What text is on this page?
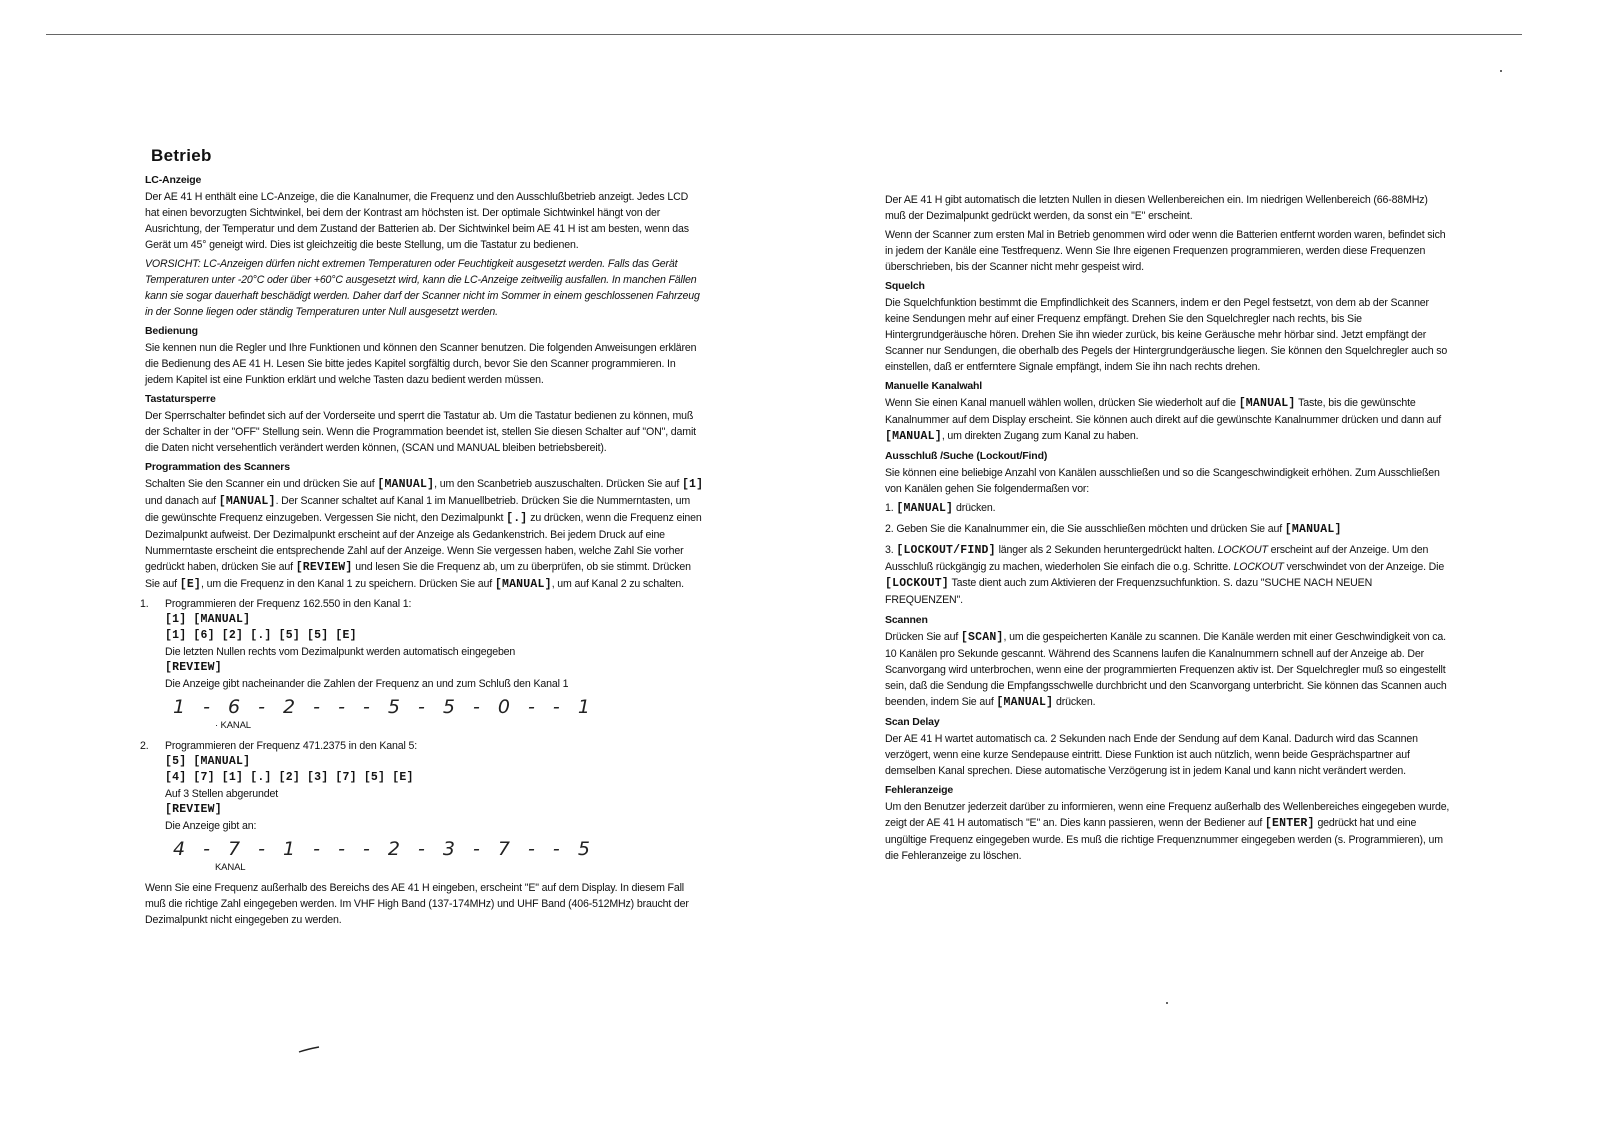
Betrieb
LC-Anzeige

Der AE 41 H enthält eine LC-Anzeige, die die Kanalnumer, die Frequenz und den Ausschlußbetrieb anzeigt. Jedes LCD hat einen bevorzugten Sichtwinkel, bei dem der Kontrast am höchsten ist. Der optimale Sichtwinkel hängt von der Ausrichtung, der Temperatur und dem Zustand der Batterien ab. Der Sichtwinkel beim AE 41 H ist am besten, wenn das Gerät um 45° geneigt wird. Dies ist gleichzeitig die beste Stellung, um die Tastatur zu bedienen.

VORSICHT: LC-Anzeigen dürfen nicht extremen Temperaturen oder Feuchtigkeit ausgesetzt werden. Falls das Gerät Temperaturen unter -20°C oder über +60°C ausgesetzt wird, kann die LC-Anzeige zeitweilig ausfallen. In manchen Fällen kann sie sogar dauerhaft beschädigt werden. Daher darf der Scanner nicht im Sommer in einem geschlossenen Fahrzeug in der Sonne liegen oder ständig Temperaturen unter Null ausgesetzt werden.

Bedienung

Sie kennen nun die Regler und Ihre Funktionen und können den Scanner benutzen. Die folgenden Anweisungen erklären die Bedienung des AE 41 H. Lesen Sie bitte jedes Kapitel sorgfältig durch, bevor Sie den Scanner programmieren. In jedem Kapitel ist eine Funktion erklärt und welche Tasten dazu bedient werden müssen.

Tastatursperre

Der Sperrschalter befindet sich auf der Vorderseite und sperrt die Tastatur ab. Um die Tastatur bedienen zu können, muß der Schalter in der "OFF" Stellung sein. Wenn die Programmation beendet ist, stellen Sie diesen Schalter auf "ON", damit die Daten nicht versehentlich verändert werden können, (SCAN und MANUAL bleiben betriebsbereit).

Programmation des Scanners

Schalten Sie den Scanner ein und drücken Sie auf [MANUAL], um den Scanbetrieb auszuschalten. Drücken Sie auf [1] und danach auf [MANUAL]. Der Scanner schaltet auf Kanal 1 im Manuellbetrieb. Drücken Sie die Nummerntasten, um die gewünschte Frequenz einzugeben. Vergessen Sie nicht, den Dezimalpunkt [.] zu drücken, wenn die Frequenz einen Dezimalpunkt aufweist. Der Dezimalpunkt erscheint auf der Anzeige als Gedankenstrich. Bei jedem Druck auf eine Nummerntaste erscheint die entsprechende Zahl auf der Anzeige. Wenn Sie vergessen haben, welche Zahl Sie vorher gedrückt haben, drücken Sie auf [REVIEW] und lesen Sie die Frequenz ab, um zu überprüfen, ob sie stimmt. Drücken Sie auf [E], um die Frequenz in den Kanal 1 zu speichern. Drücken Sie auf [MANUAL], um auf Kanal 2 zu schalten.

1. Programmieren der Frequenz 162.550 in den Kanal 1:
[1] [MANUAL]
[1] [6] [2] [.] [5] [5] [E]
Die letzten Nullen rechts vom Dezimalpunkt werden automatisch eingegeben
[REVIEW]
Die Anzeige gibt nacheinander die Zahlen der Frequenz an und zum Schluß den Kanal 1
1 - 6 - 2 - - - 5 - 5 - 0 - - 1
· KANAL
2. Programmieren der Frequenz 471.2375 in den Kanal 5:
[5] [MANUAL]
[4] [7] [1] [.] [2] [3] [7] [5] [E]
Auf 3 Stellen abgerundet
[REVIEW]
Die Anzeige gibt an:
4 - 7 - 1 - - - 2 - 3 - 7 - - 5
KANAL

Wenn Sie eine Frequenz außerhalb des Bereichs des AE 41 H eingeben, erscheint "E" auf dem Display. In diesem Fall muß die richtige Zahl eingegeben werden. Im VHF High Band (137-174MHz) und UHF Band (406-512MHz) braucht der Dezimalpunkt nicht eingegeben zu werden.

Der AE 41 H gibt automatisch die letzten Nullen in diesen Wellenbereichen ein. Im niedrigen Wellenbereich (66-88MHz) muß der Dezimalpunkt gedrückt werden, da sonst ein "E" erscheint.

Wenn der Scanner zum ersten Mal in Betrieb genommen wird oder wenn die Batterien entfernt worden waren, befindet sich in jedem der Kanäle eine Testfrequenz. Wenn Sie Ihre eigenen Frequenzen programmieren, werden diese Frequenzen überschrieben, bis der Scanner nicht mehr gespeist wird.

Squelch

Die Squelchfunktion bestimmt die Empfindlichkeit des Scanners, indem er den Pegel festsetzt, von dem ab der Scanner keine Sendungen mehr auf einer Frequenz empfängt. Drehen Sie den Squelchregler nach rechts, bis Sie Hintergrundgeräusche hören. Drehen Sie ihn wieder zurück, bis keine Geräusche mehr hörbar sind. Jetzt empfängt der Scanner nur Sendungen, die oberhalb des Pegels der Hintergrundgeräusche liegen. Sie können den Squelchregler auch so einstellen, daß er entferntere Signale empfängt, indem Sie ihn nach rechts drehen.

Manuelle Kanalwahl

Wenn Sie einen Kanal manuell wählen wollen, drücken Sie wiederholt auf die [MANUAL] Taste, bis die gewünschte Kanalnummer auf dem Display erscheint. Sie können auch direkt auf die gewünschte Kanalnummer drücken und dann auf [MANUAL], um direkten Zugang zum Kanal zu haben.

Ausschluß /Suche (Lockout/Find)

Sie können eine beliebige Anzahl von Kanälen ausschließen und so die Scangeschwindigkeit erhöhen. Zum Ausschließen von Kanälen gehen Sie folgendermaßen vor:

1. [MANUAL] drücken.
2. Geben Sie die Kanalnummer ein, die Sie ausschließen möchten und drücken Sie auf [MANUAL]
3. [LOCKOUT/FIND] länger als 2 Sekunden heruntergedrückt halten. LOCKOUT erscheint auf der Anzeige. Um den Ausschluß rückgängig zu machen, wiederholen Sie einfach die o.g. Schritte. LOCKOUT verschwindet von der Anzeige. Die [LOCKOUT] Taste dient auch zum Aktivieren der Frequenzsuchfunktion. S. dazu "SUCHE NACH NEUEN FREQUENZEN".
Scannen

Drücken Sie auf [SCAN], um die gespeicherten Kanäle zu scannen. Die Kanäle werden mit einer Geschwindigkeit von ca. 10 Kanälen pro Sekunde gescannt. Während des Scannens laufen die Kanalnummern schnell auf der Anzeige ab. Der Scanvorgang wird unterbrochen, wenn eine der programmierten Frequenzen aktiv ist. Der Squelchregler muß so eingestellt sein, daß die Sendung die Empfangsschwelle durchbricht und den Scanvorgang unterbricht. Sie können das Scannen auch beenden, indem Sie auf [MANUAL] drücken.

Scan Delay

Der AE 41 H wartet automatisch ca. 2 Sekunden nach Ende der Sendung auf dem Kanal. Dadurch wird das Scannen verzögert, wenn eine kurze Sendepause eintritt. Diese Funktion ist auch nützlich, wenn beide Gesprächspartner auf demselben Kanal sprechen. Diese automatische Verzögerung ist in jedem Kanal und kann nicht verändert werden.

Fehleranzeige

Um den Benutzer jederzeit darüber zu informieren, wenn eine Frequenz außerhalb des Wellenbereiches eingegeben wurde, zeigt der AE 41 H automatisch "E" an. Dies kann passieren, wenn der Bediener auf [ENTER] gedrückt hat und eine ungültige Frequenz eingegeben wurde. Es muß die richtige Frequenznummer eingegeben werden (s. Programmieren), um die Fehleranzeige zu löschen.
